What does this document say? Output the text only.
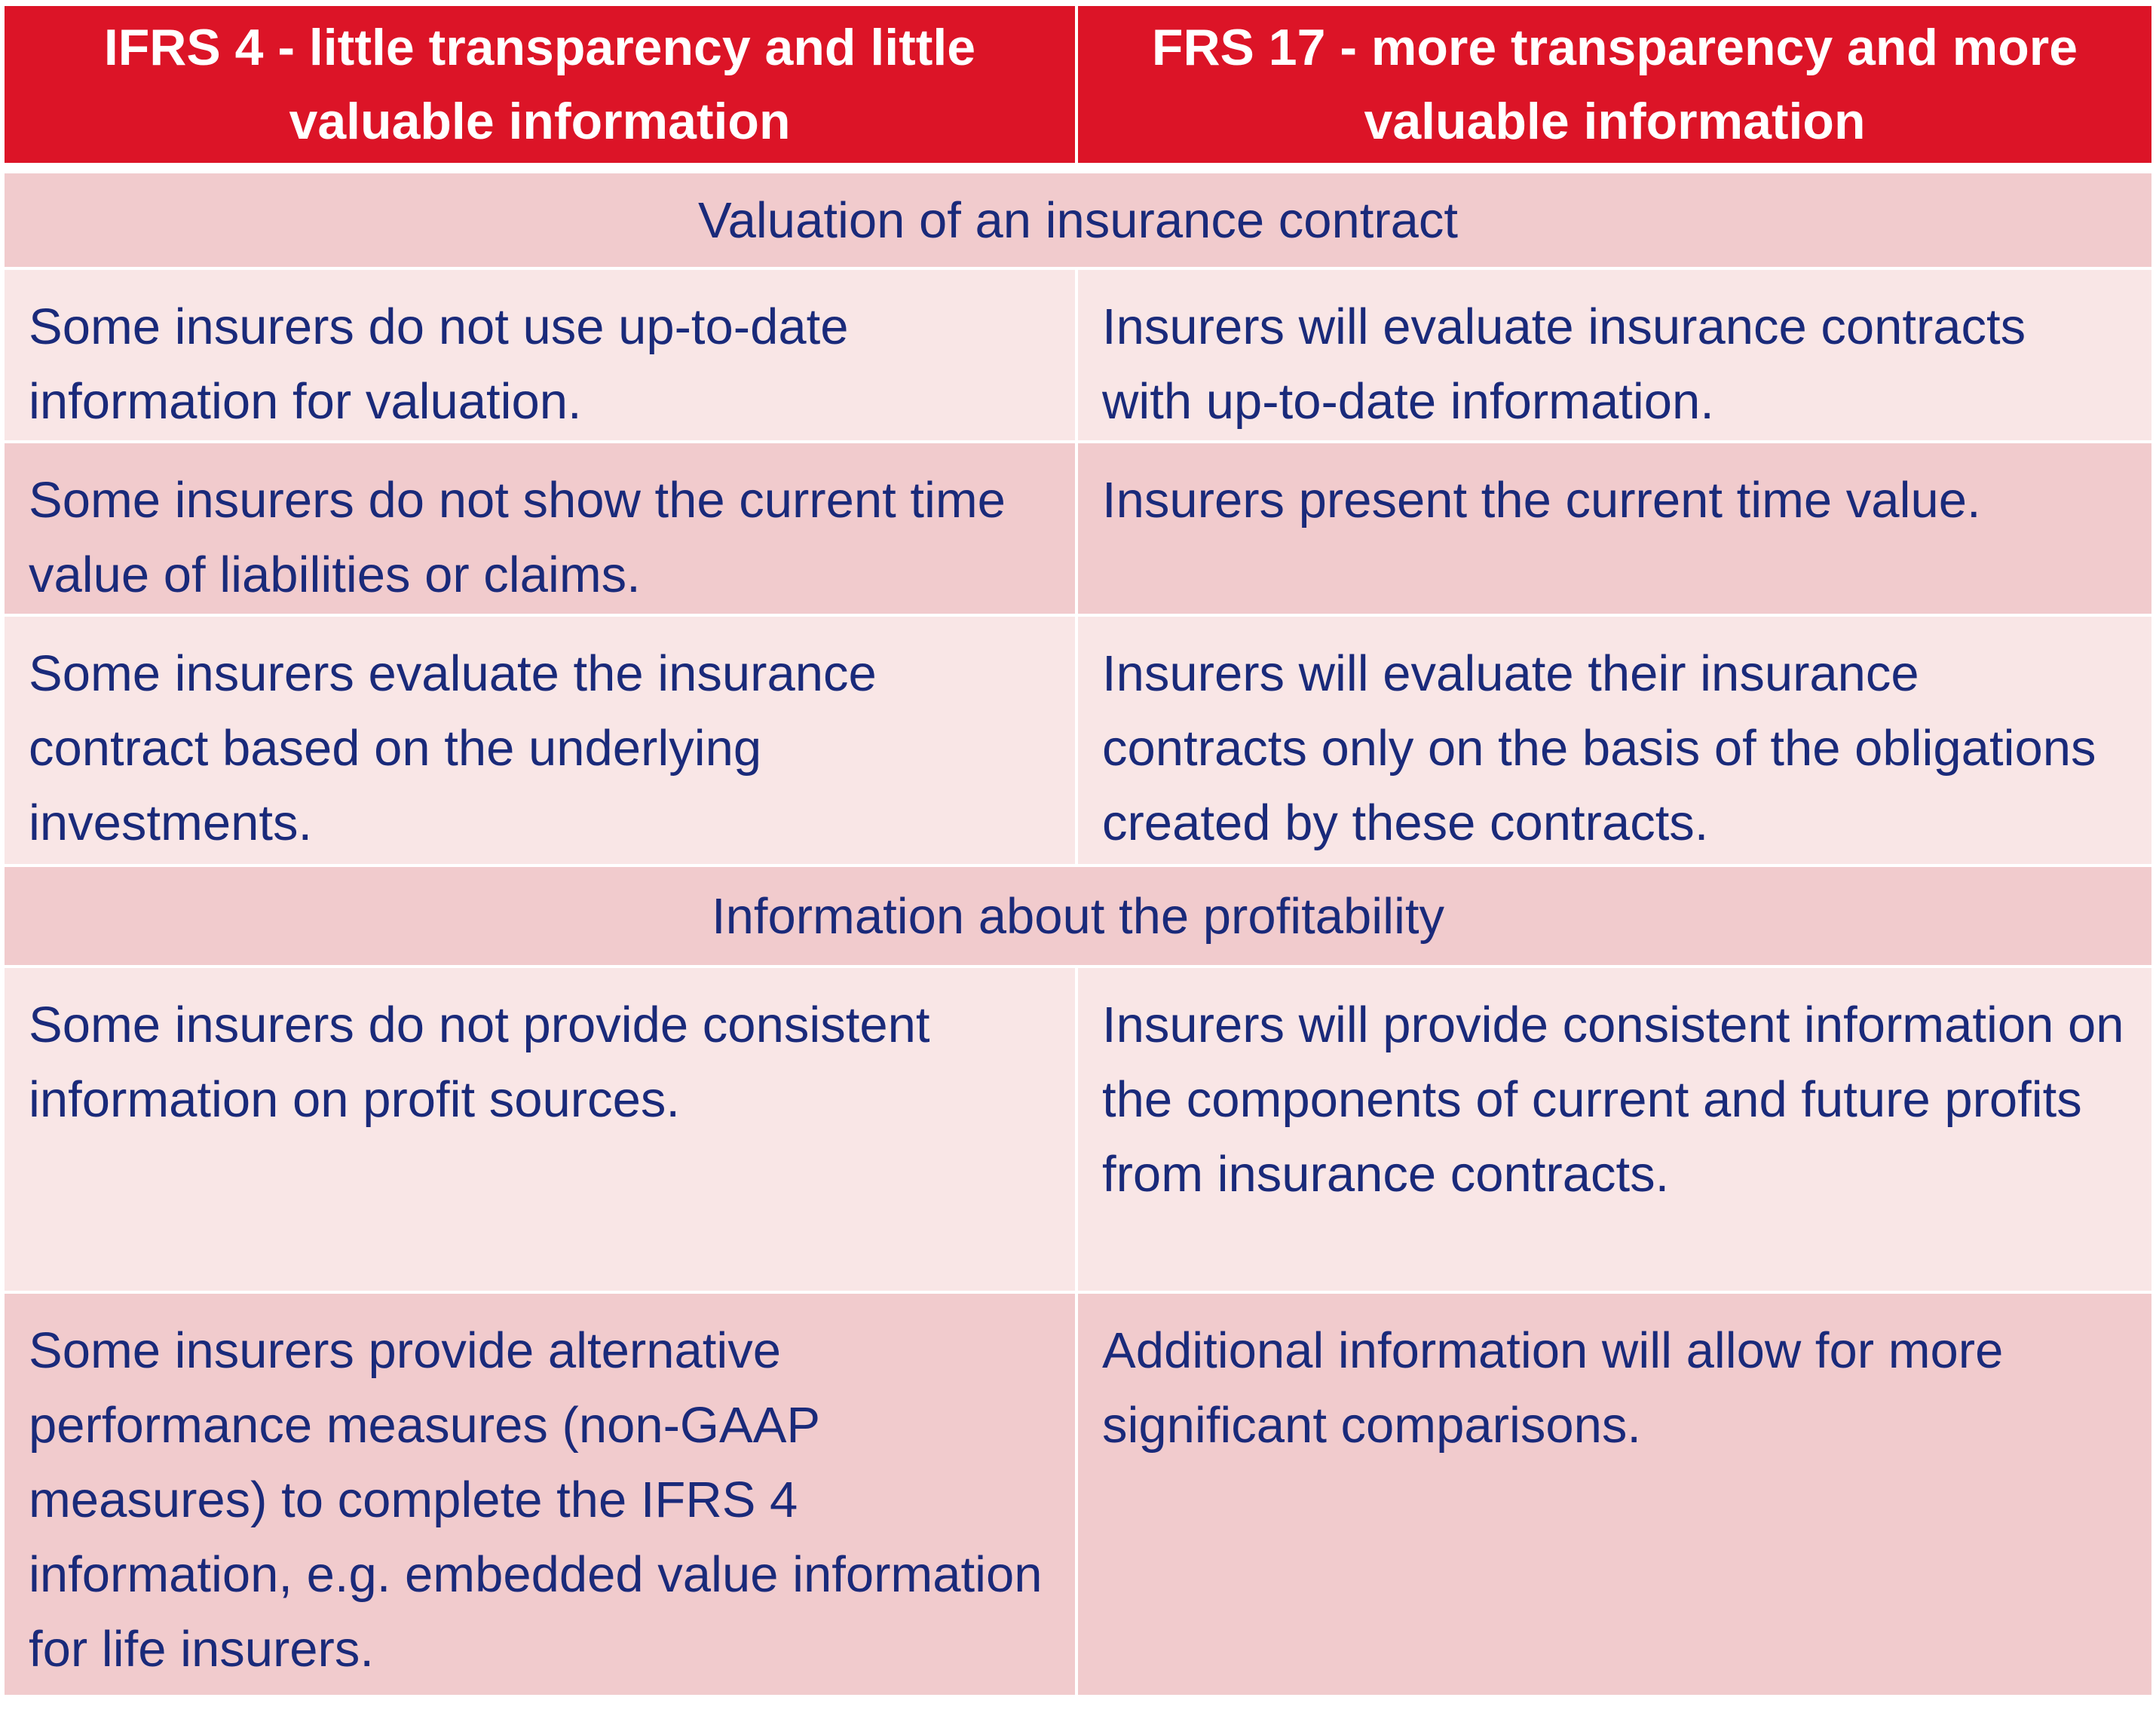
IFRS 4 - little transparency and little valuable information	FRS 17 - more transparency and more valuable information
Valuation of an insurance contract	
Some insurers do not use up-to-date information for valuation.	Insurers will evaluate insurance contracts with up-to-date information.
Some insurers do not show the current time value of liabilities or claims.	Insurers present the current time value.
Some insurers evaluate the insurance contract based on the underlying investments.	Insurers will evaluate their insurance contracts only on the basis of the obligations created by these contracts.
Information about the profitability	
Some insurers do not provide consistent information on profit sources.	Insurers will provide consistent information on the components of current and future profits from insurance contracts.
Some insurers provide alternative performance measures (non-GAAP measures) to complete the IFRS 4 information, e.g. embedded value information for life insurers.	Additional information will allow for more significant comparisons.
